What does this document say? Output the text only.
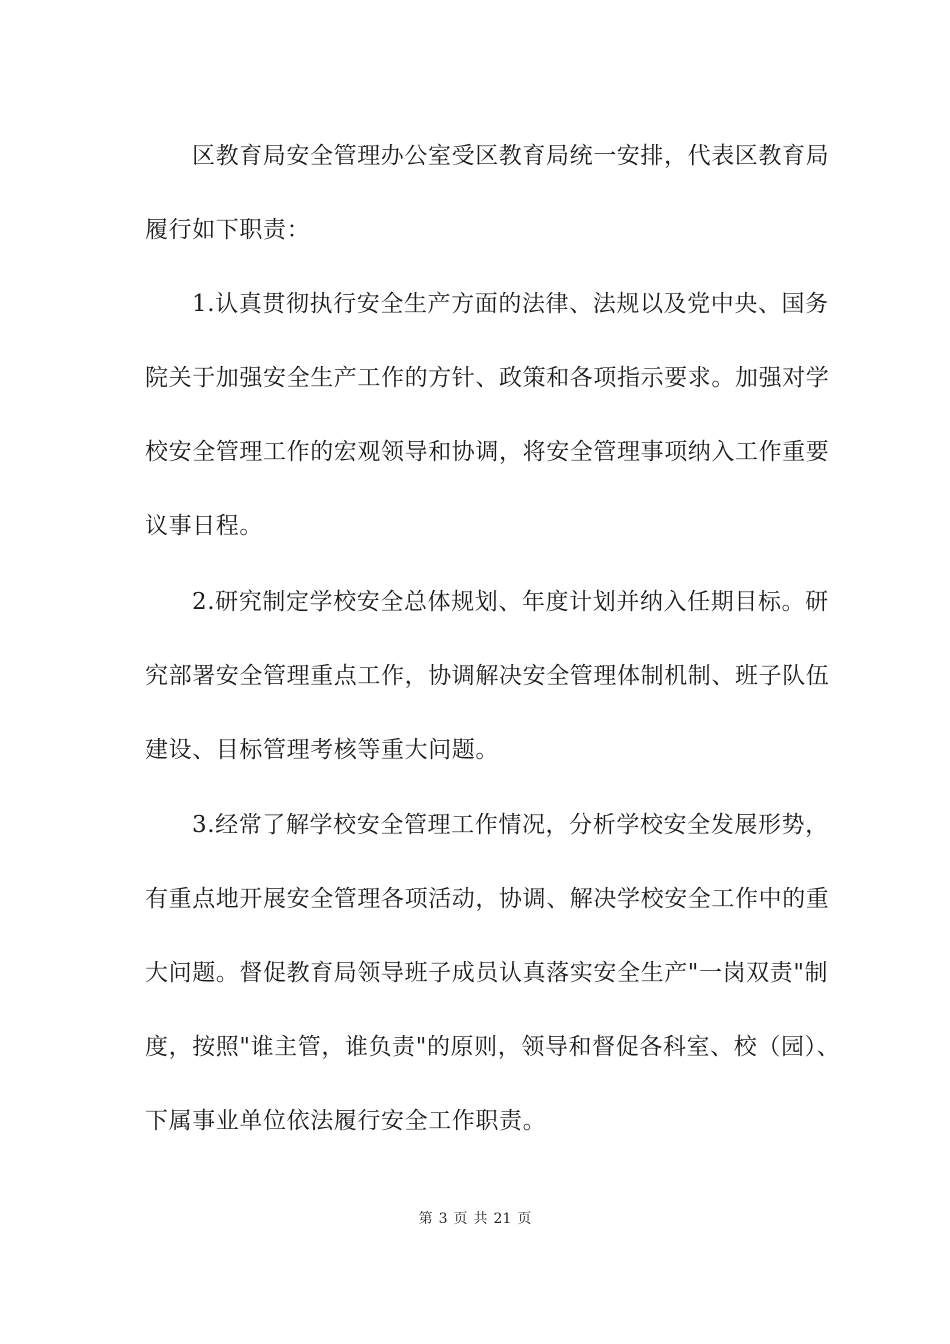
区教育局安全管理办公室受区教育局统一安排，代表区教育局
履行如下职责：
1.认真贯彻执行安全生产方面的法律、法规以及党中央、国务
院关于加强安全生产工作的方针、政策和各项指示要求。加强对学
校安全管理工作的宏观领导和协调，将安全管理事项纳入工作重要
议事日程。
2.研究制定学校安全总体规划、年度计划并纳入任期目标。研
究部署安全管理重点工作，协调解决安全管理体制机制、班子队伍
建设、目标管理考核等重大问题。
3.经常了解学校安全管理工作情况，分析学校安全发展形势，
有重点地开展安全管理各项活动，协调、解决学校安全工作中的重
大问题。督促教育局领导班子成员认真落实安全生产"一岗双责"制
度，按照"谁主管，谁负责"的原则，领导和督促各科室、校（园）、
下属事业单位依法履行安全工作职责。
第 3 页 共 21 页
